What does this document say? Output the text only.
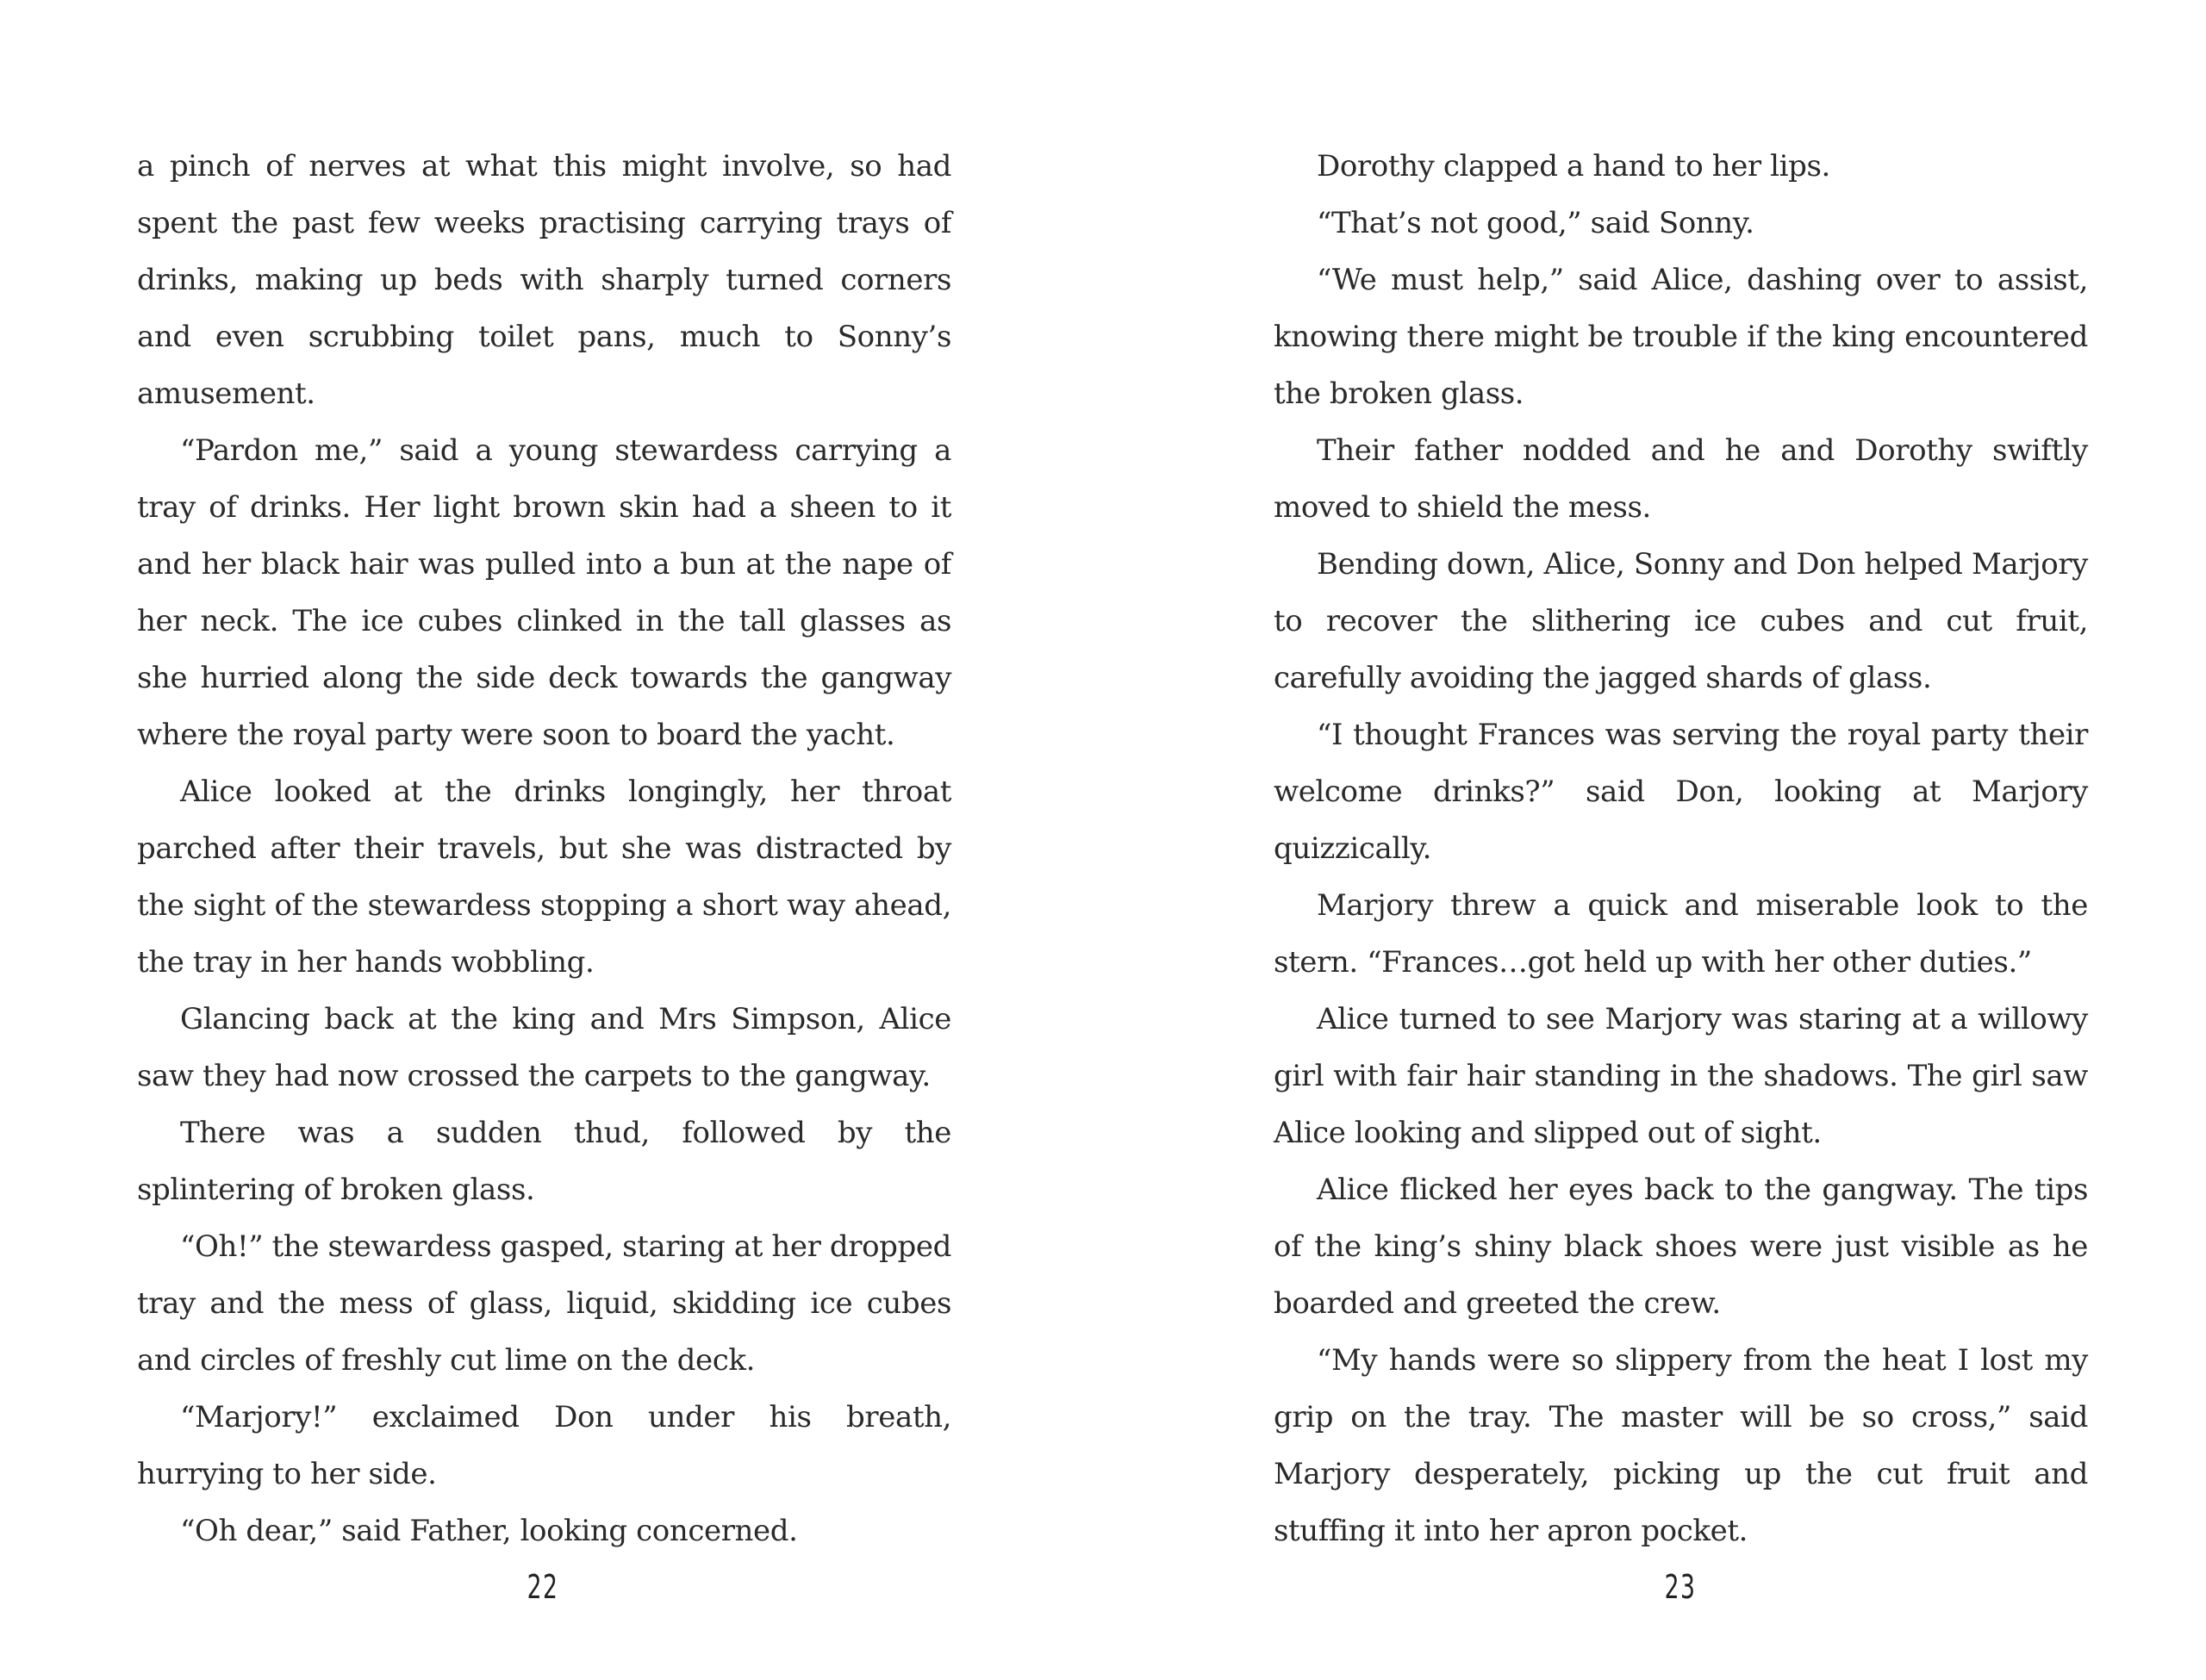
a pinch of nerves at what this might involve, so had spent the past few weeks practising carrying trays of drinks, making up beds with sharply turned corners and even scrubbing toilet pans, much to Sonny’s amusement.

“Pardon me,” said a young stewardess carrying a tray of drinks. Her light brown skin had a sheen to it and her black hair was pulled into a bun at the nape of her neck. The ice cubes clinked in the tall glasses as she hurried along the side deck towards the gangway where the royal party were soon to board the yacht.

Alice looked at the drinks longingly, her throat parched after their travels, but she was distracted by the sight of the stewardess stopping a short way ahead, the tray in her hands wobbling.

Glancing back at the king and Mrs Simpson, Alice saw they had now crossed the carpets to the gangway.

There was a sudden thud, followed by the splintering of broken glass.

“Oh!” the stewardess gasped, staring at her dropped tray and the mess of glass, liquid, skidding ice cubes and circles of freshly cut lime on the deck.

“Marjory!” exclaimed Don under his breath, hurrying to her side.

“Oh dear,” said Father, looking concerned.

Dorothy clapped a hand to her lips.

“That’s not good,” said Sonny.

“We must help,” said Alice, dashing over to assist, knowing there might be trouble if the king encountered the broken glass.

Their father nodded and he and Dorothy swiftly moved to shield the mess.

Bending down, Alice, Sonny and Don helped Marjory to recover the slithering ice cubes and cut fruit, carefully avoiding the jagged shards of glass.

“I thought Frances was serving the royal party their welcome drinks?” said Don, looking at Marjory quizzically.

Marjory threw a quick and miserable look to the stern. “Frances…got held up with her other duties.”

Alice turned to see Marjory was staring at a willowy girl with fair hair standing in the shadows. The girl saw Alice looking and slipped out of sight.

Alice flicked her eyes back to the gangway. The tips of the king’s shiny black shoes were just visible as he boarded and greeted the crew.

“My hands were so slippery from the heat I lost my grip on the tray. The master will be so cross,” said Marjory desperately, picking up the cut fruit and stuffing it into her apron pocket.

22	23
